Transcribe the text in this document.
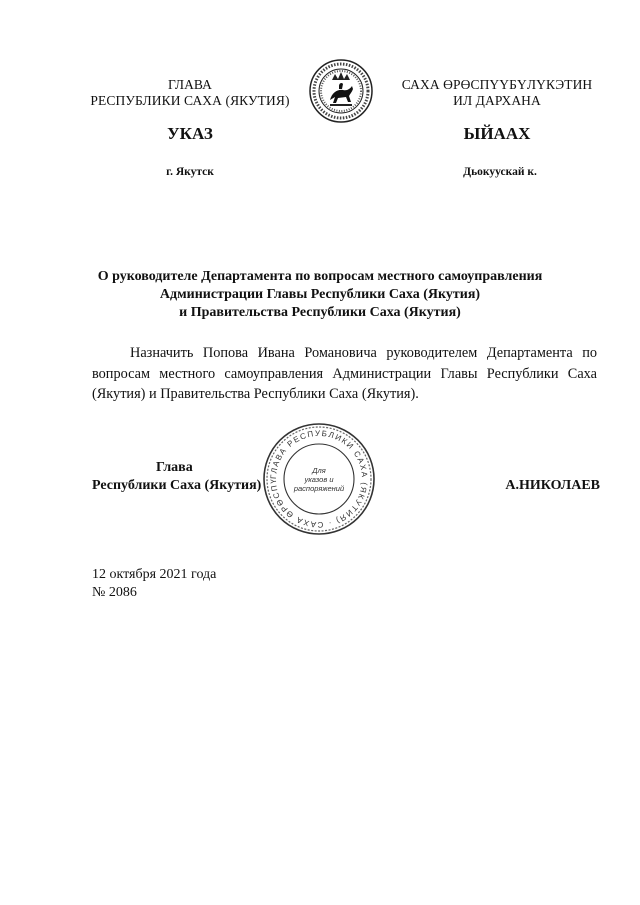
ГЛАВА
РЕСПУБЛИКИ САХА (ЯКУТИЯ)
САХА ӨРӨСПҮҮБҮЛҮКЭТИН
ИЛ ДАРХАНА
УКАЗ	ЫЙААХ
г. Якутск	Дьокуускай к.
О руководителе Департамента по вопросам местного самоуправления
Администрации Главы Республики Саха (Якутия)
и Правительства Республики Саха (Якутия)

Назначить Попова Ивана Романовича руководителем Департамента по вопросам местного самоуправления Администрации Главы Республики Саха (Якутия) и Правительства Республики Саха (Якутия).

ГЛАВА РЕСПУБЛИКИ САХА (ЯКУТИЯ) · САХА ӨРӨСПҮ
Для
указов и
распоряжений
Глава
Республики Саха (Якутия)	А.НИКОЛАЕВ
12 октября 2021 года
№ 2086
